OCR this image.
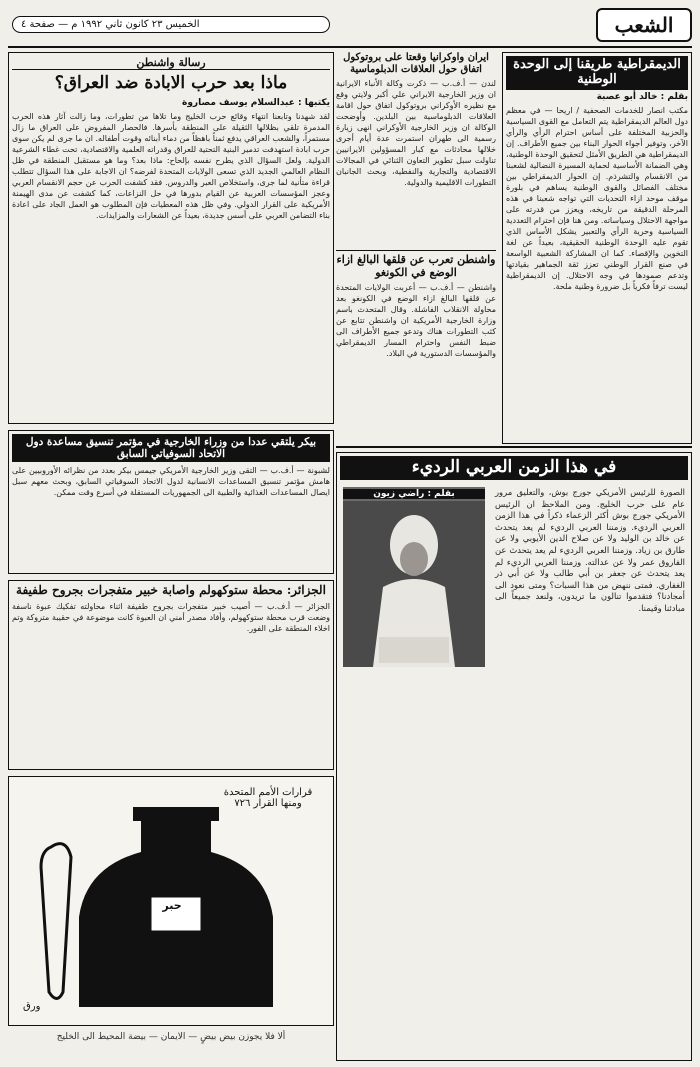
الشعب
الخميس ٢٣ كانون ثاني ١٩٩٢ م — صفحة ٤
الديمقراطية طريقنا إلى الوحدة الوطنية
بقلم : خالد أبو عصبة
مكتب انصار للخدمات الصحفية / اريحا — في معظم دول العالم الديمقراطية يتم التعامل مع القوى السياسية والحزبية المختلفة على أساس احترام الرأي والرأي الآخر، وتوفير أجواء الحوار البناء بين جميع الأطراف. إن الديمقراطية هي الطريق الأمثل لتحقيق الوحدة الوطنية، وهي الضمانة الأساسية لحماية المسيرة النضالية لشعبنا من الانقسام والتشرذم. إن الحوار الديمقراطي بين مختلف الفصائل والقوى الوطنية يساهم في بلورة موقف موحد ازاء التحديات التي تواجه شعبنا في هذه المرحلة الدقيقة من تاريخه، ويعزز من قدرته على مواجهة الاحتلال وسياساته. ومن هنا فإن احترام التعددية السياسية وحرية الرأي والتعبير يشكل الأساس الذي تقوم عليه الوحدة الوطنية الحقيقية، بعيداً عن لغة التخوين والإقصاء. كما ان المشاركة الشعبية الواسعة في صنع القرار الوطني تعزز ثقة الجماهير بقيادتها وتدعم صمودها في وجه الاحتلال. إن الديمقراطية ليست ترفاً فكرياً بل ضرورة وطنية ملحة.
ايران واوكرانيا وقعتا على بروتوكول اتفاق حول العلاقات الدبلوماسية
لندن — أ.ف.ب — ذكرت وكالة الأنباء الايرانية ان وزير الخارجية الايراني علي أكبر ولايتي وقع مع نظيره الأوكراني بروتوكول اتفاق حول اقامة العلاقات الدبلوماسية بين البلدين. وأوضحت الوكالة ان وزير الخارجية الأوكراني انهى زيارة رسمية الى طهران استمرت عدة أيام أجرى خلالها محادثات مع كبار المسؤولين الايرانيين تناولت سبل تطوير التعاون الثنائي في المجالات الاقتصادية والتجارية والنفطية، وبحث الجانبان التطورات الاقليمية والدولية.
واشنطن تعرب عن قلقها البالغ ازاء الوضع في الكونغو
واشنطن — أ.ف.ب — أعربت الولايات المتحدة عن قلقها البالغ ازاء الوضع في الكونغو بعد محاولة الانقلاب الفاشلة. وقال المتحدث باسم وزارة الخارجية الأمريكية ان واشنطن تتابع عن كثب التطورات هناك وتدعو جميع الأطراف الى ضبط النفس واحترام المسار الديمقراطي والمؤسسات الدستورية في البلاد.
في هذا الزمن العربي الرديء
بقلم : راضي زيون	الصورة للرئيس الأمريكي جورج بوش، والتعليق مرور عام على حرب الخليج. ومن الملاحظ ان الرئيس الأمريكي جورج بوش أكثر الزعماء ذكراً في هذا الزمن العربي الرديء. وزمننا العربي الرديء لم يعد يتحدث عن خالد بن الوليد ولا عن صلاح الدين الأيوبي ولا عن طارق بن زياد. وزمننا العربي الرديء لم يعد يتحدث عن الفاروق عمر ولا عن عدالته. وزمننا العربي الرديء لم يعد يتحدث عن جعفر بن أبي طالب ولا عن أبي ذر الغفاري. فمتى ننهض من هذا السبات؟ ومتى نعود الى أمجادنا؟ فتقدموا تنالون ما تريدون، ولنعد جميعاً الى مبادئنا وقيمنا.
رسالة واشنطن
ماذا بعد حرب الابادة ضد العراق؟
يكتبها : عبدالسلام يوسف مصاروة
لقد شهدنا وتابعنا انتهاء وقائع حرب الخليج وما تلاها من تطورات، وما زالت آثار هذه الحرب المدمرة تلقي بظلالها الثقيلة على المنطقة بأسرها. فالحصار المفروض على العراق ما زال مستمراً، والشعب العراقي يدفع ثمناً باهظاً من دماء أبنائه وقوت أطفاله. ان ما جرى لم يكن سوى حرب ابادة استهدفت تدمير البنية التحتية للعراق وقدراته العلمية والاقتصادية، تحت غطاء الشرعية الدولية. ولعل السؤال الذي يطرح نفسه بإلحاح: ماذا بعد؟ وما هو مستقبل المنطقة في ظل النظام العالمي الجديد الذي تسعى الولايات المتحدة لفرضه؟ ان الاجابة على هذا السؤال تتطلب قراءة متأنية لما جرى، واستخلاص العبر والدروس. فقد كشفت الحرب عن حجم الانقسام العربي وعجز المؤسسات العربية عن القيام بدورها في حل النزاعات، كما كشفت عن مدى الهيمنة الأمريكية على القرار الدولي. وفي ظل هذه المعطيات فإن المطلوب هو العمل الجاد على اعادة بناء التضامن العربي على أسس جديدة، بعيداً عن الشعارات والمزايدات.
بيكر يلتقي عددا من وزراء الخارجية في مؤتمر تنسيق مساعدة دول الاتحاد السوفياتي السابق
لشبونة — أ.ف.ب — التقى وزير الخارجية الأمريكي جيمس بيكر بعدد من نظرائه الأوروبيين على هامش مؤتمر تنسيق المساعدات الانسانية لدول الاتحاد السوفياتي السابق، وبحث معهم سبل ايصال المساعدات الغذائية والطبية الى الجمهوريات المستقلة في أسرع وقت ممكن.
الجزائر: محطة ستوكهولم واصابة خبير متفجرات بجروح طفيفة
الجزائر — أ.ف.ب — أصيب خبير متفجرات بجروح طفيفة اثناء محاولته تفكيك عبوة ناسفة وضعت قرب محطة ستوكهولم، وأفاد مصدر أمني ان العبوة كانت موضوعة في حقيبة متروكة وتم اخلاء المنطقة على الفور.
قرارات الأمم المتحدة ومنها القرار ٧٢٦
حبر
ورق
ألا فلا يجوزن بيض بيضٍ — الايمان — بيضة المحيط الى الخليج
